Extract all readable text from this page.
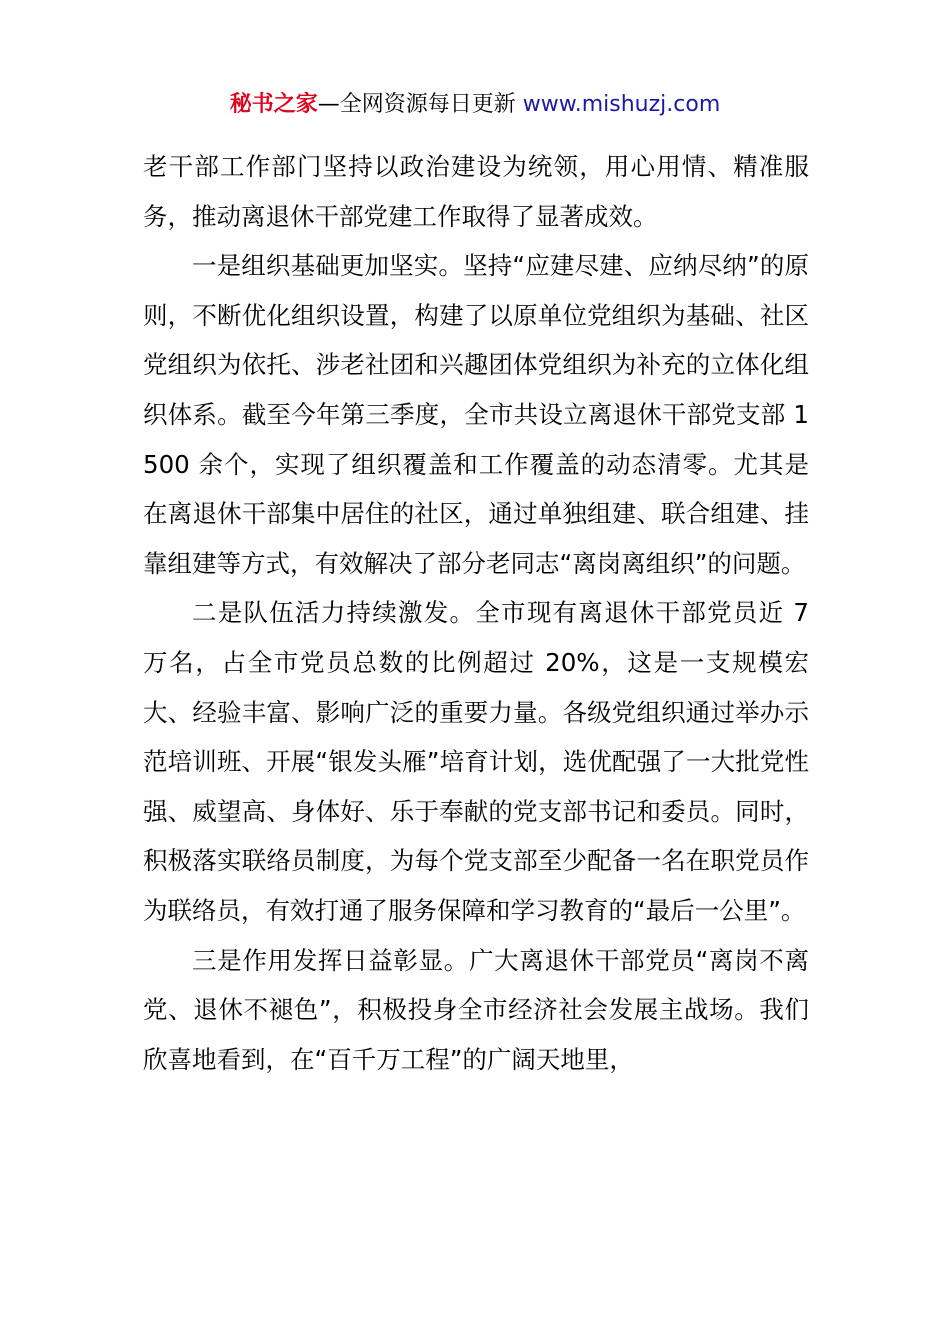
秘书之家—全网资源每日更新 www.mishuzj.com

老干部工作部门坚持以政治建设为统领，用心用情、精准服务，推动离退休干部党建工作取得了显著成效。

一是组织基础更加坚实。坚持“应建尽建、应纳尽纳”的原则，不断优化组织设置，构建了以原单位党组织为基础、社区党组织为依托、涉老社团和兴趣团体党组织为补充的立体化组织体系。截至今年第三季度，全市共设立离退休干部党支部 1500 余个，实现了组织覆盖和工作覆盖的动态清零。尤其是在离退休干部集中居住的社区，通过单独组建、联合组建、挂靠组建等方式，有效解决了部分老同志“离岗离组织”的问题。

二是队伍活力持续激发。全市现有离退休干部党员近 7 万名，占全市党员总数的比例超过 20%，这是一支规模宏大、经验丰富、影响广泛的重要力量。各级党组织通过举办示范培训班、开展“银发头雁”培育计划，选优配强了一大批党性强、威望高、身体好、乐于奉献的党支部书记和委员。同时，积极落实联络员制度，为每个党支部至少配备一名在职党员作为联络员，有效打通了服务保障和学习教育的“最后一公里”。

三是作用发挥日益彰显。广大离退休干部党员“离岗不离党、退休不褪色”，积极投身全市经济社会发展主战场。我们欣喜地看到，在“百千万工程”的广阔天地里，
